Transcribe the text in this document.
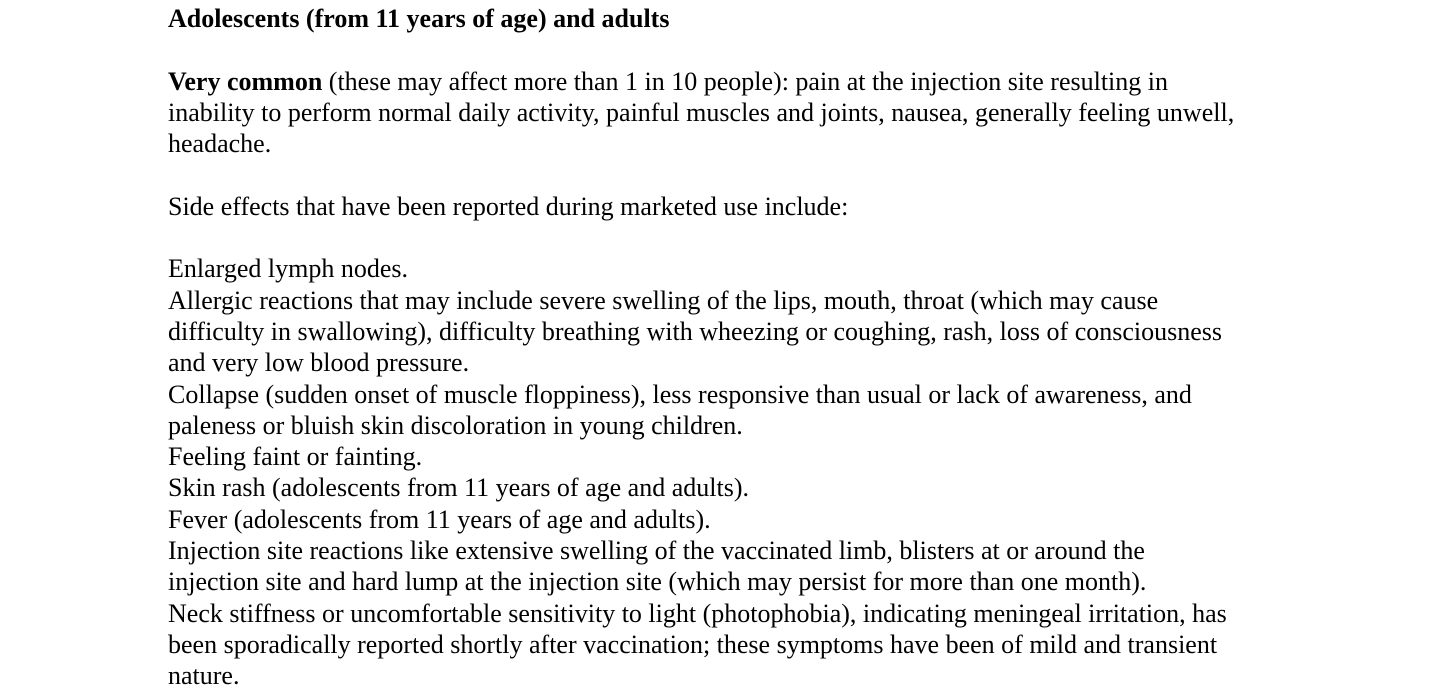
Adolescents (from 11 years of age) and adults
Very common (these may affect more than 1 in 10 people): pain at the injection site resulting in
inability to perform normal daily activity, painful muscles and joints, nausea, generally feeling unwell,
headache.
Side effects that have been reported during marketed use include:
Enlarged lymph nodes.
Allergic reactions that may include severe swelling of the lips, mouth, throat (which may cause
difficulty in swallowing), difficulty breathing with wheezing or coughing, rash, loss of consciousness
and very low blood pressure.
Collapse (sudden onset of muscle floppiness), less responsive than usual or lack of awareness, and
paleness or bluish skin discoloration in young children.
Feeling faint or fainting.
Skin rash (adolescents from 11 years of age and adults).
Fever (adolescents from 11 years of age and adults).
Injection site reactions like extensive swelling of the vaccinated limb, blisters at or around the
injection site and hard lump at the injection site (which may persist for more than one month).
Neck stiffness or uncomfortable sensitivity to light (photophobia), indicating meningeal irritation, has
been sporadically reported shortly after vaccination; these symptoms have been of mild and transient
nature.
